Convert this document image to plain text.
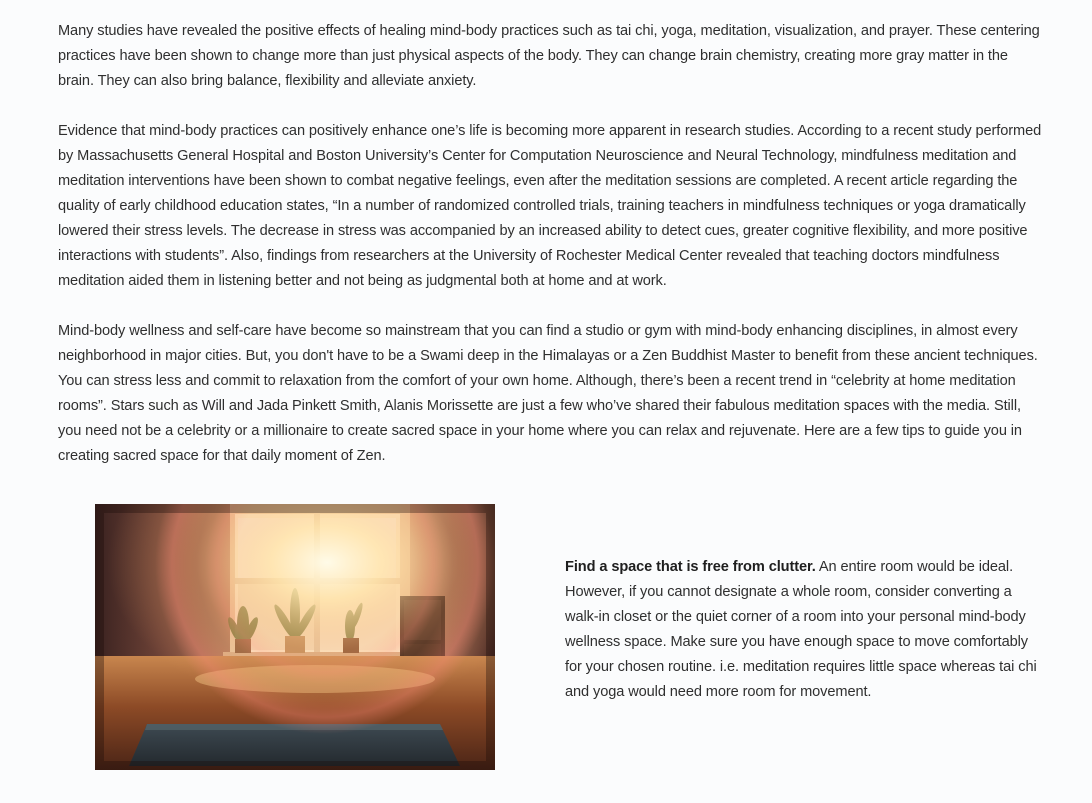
Many studies have revealed the positive effects of healing mind-body practices such as tai chi, yoga, meditation, visualization, and prayer. These centering practices have been shown to change more than just physical aspects of the body. They can change brain chemistry, creating more gray matter in the brain. They can also bring balance, flexibility and alleviate anxiety.

Evidence that mind-body practices can positively enhance one’s life is becoming more apparent in research studies. According to a recent study performed by Massachusetts General Hospital and Boston University’s Center for Computation Neuroscience and Neural Technology, mindfulness meditation and meditation interventions have been shown to combat negative feelings, even after the meditation sessions are completed. A recent article regarding the quality of early childhood education states, “In a number of randomized controlled trials, training teachers in mindfulness techniques or yoga dramatically lowered their stress levels. The decrease in stress was accompanied by an increased ability to detect cues, greater cognitive flexibility, and more positive interactions with students”. Also, findings from researchers at the University of Rochester Medical Center revealed that teaching doctors mindfulness meditation aided them in listening better and not being as judgmental both at home and at work.

Mind-body wellness and self-care have become so mainstream that you can find a studio or gym with mind-body enhancing disciplines, in almost every neighborhood in major cities. But, you don't have to be a Swami deep in the Himalayas or a Zen Buddhist Master to benefit from these ancient techniques. You can stress less and commit to relaxation from the comfort of your own home. Although, there’s been a recent trend in “celebrity at home meditation rooms”. Stars such as Will and Jada Pinkett Smith, Alanis Morissette are just a few who’ve shared their fabulous meditation spaces with the media. Still, you need not be a celebrity or a millionaire to create sacred space in your home where you can relax and rejuvenate. Here are a few tips to guide you in creating sacred space for that daily moment of Zen.

Find a space that is free from clutter. An entire room would be ideal. However, if you cannot designate a whole room, consider converting a walk-in closet or the quiet corner of a room into your personal mind-body wellness space. Make sure you have enough space to move comfortably for your chosen routine. i.e. meditation requires little space whereas tai chi and yoga would need more room for movement.
